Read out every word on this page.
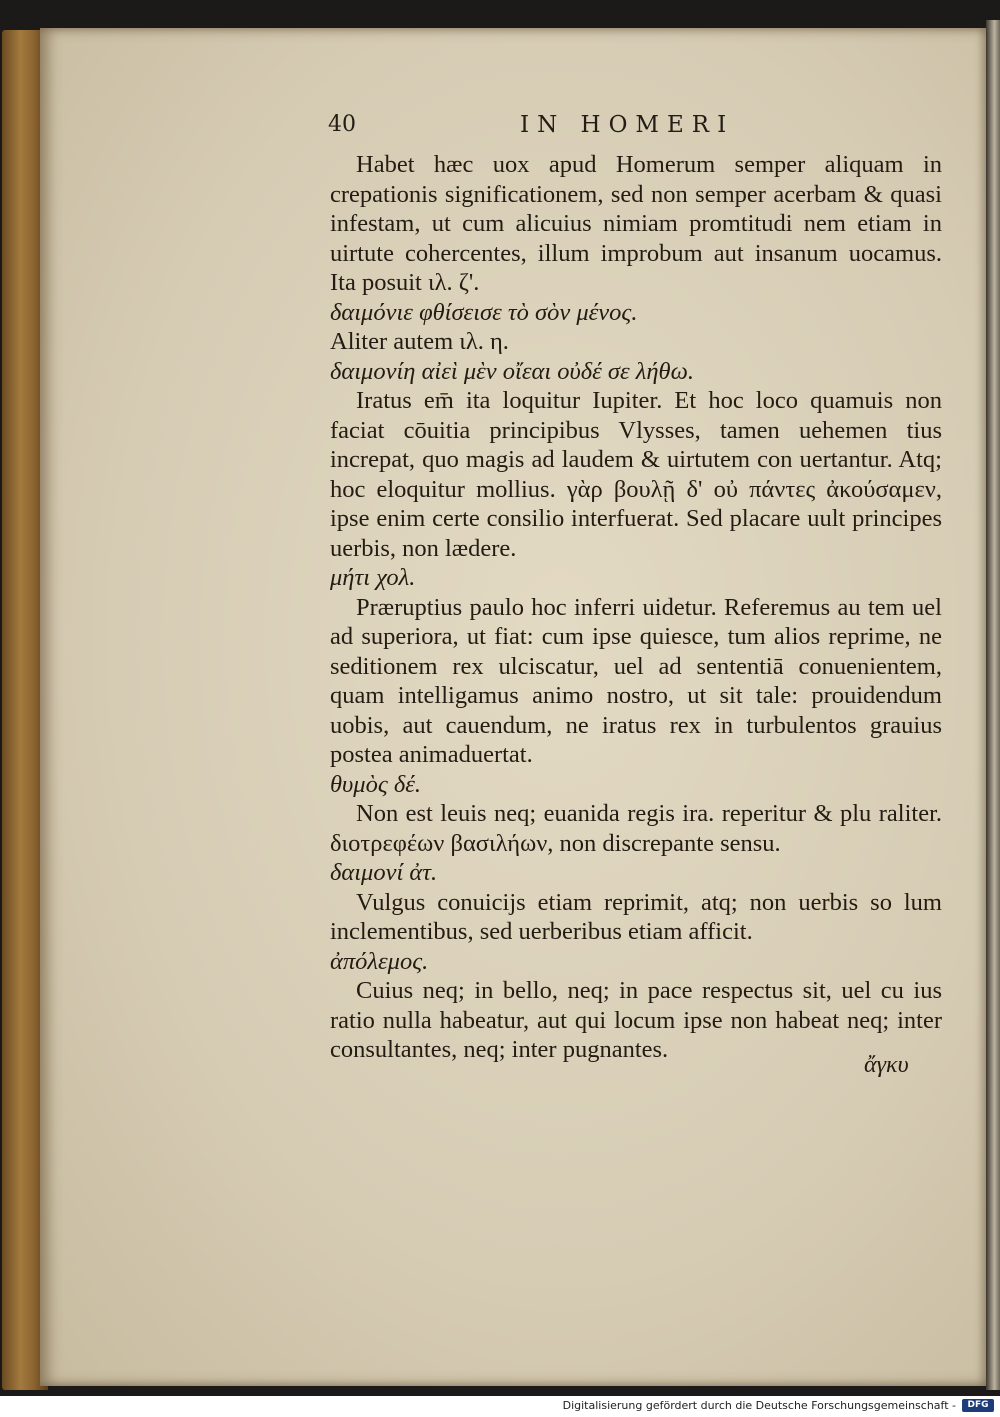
40	IN HOMERI

Habet hæc uox apud Homerum semper aliquam in crepationis significationem, sed non semper acerbam & quasi infestam, ut cum alicuius nimiam promtitudi nem etiam in uirtute cohercentes, illum improbum aut insanum uocamus. Ita posuit ιλ. ζ'.

δαιμόνιε φθίσεισε τὸ σὸν μένος.

Aliter autem ιλ. η.

δαιμονίη αἰεὶ μὲν οἴεαι οὐδέ σε λήθω.

Iratus em̄ ita loquitur Iupiter. Et hoc loco quamuis non faciat cōuitia principibus Vlysses, tamen uehemen tius increpat, quo magis ad laudem & uirtutem con uertantur. Atq; hoc eloquitur mollius. γὰρ βουλῇ δ' οὐ πάντες ἀκούσαμεν, ipse enim certe consilio interfuerat. Sed placare uult principes uerbis, non lædere.

μήτι χολ.

Præruptius paulo hoc inferri uidetur. Referemus au tem uel ad superiora, ut fiat: cum ipse quiesce, tum alios reprime, ne seditionem rex ulciscatur, uel ad sententiā conuenientem, quam intelligamus animo nostro, ut sit tale: prouidendum uobis, aut cauendum, ne iratus rex in turbulentos grauius postea animaduertat.

θυμὸς δέ.

Non est leuis neq; euanida regis ira. reperitur & plu raliter. διοτρεφέων βασιλήων, non discrepante sensu.

δαιμονί ἀτ.

Vulgus conuicijs etiam reprimit, atq; non uerbis so lum inclementibus, sed uerberibus etiam afficit.

ἀπόλεμος.

Cuius neq; in bello, neq; in pace respectus sit, uel cu ius ratio nulla habeatur, aut qui locum ipse non habeat neq; inter consultantes, neq; inter pugnantes.

ἄγκυ
Digitalisierung gefördert durch die Deutsche Forschungsgemeinschaft -	DFG
